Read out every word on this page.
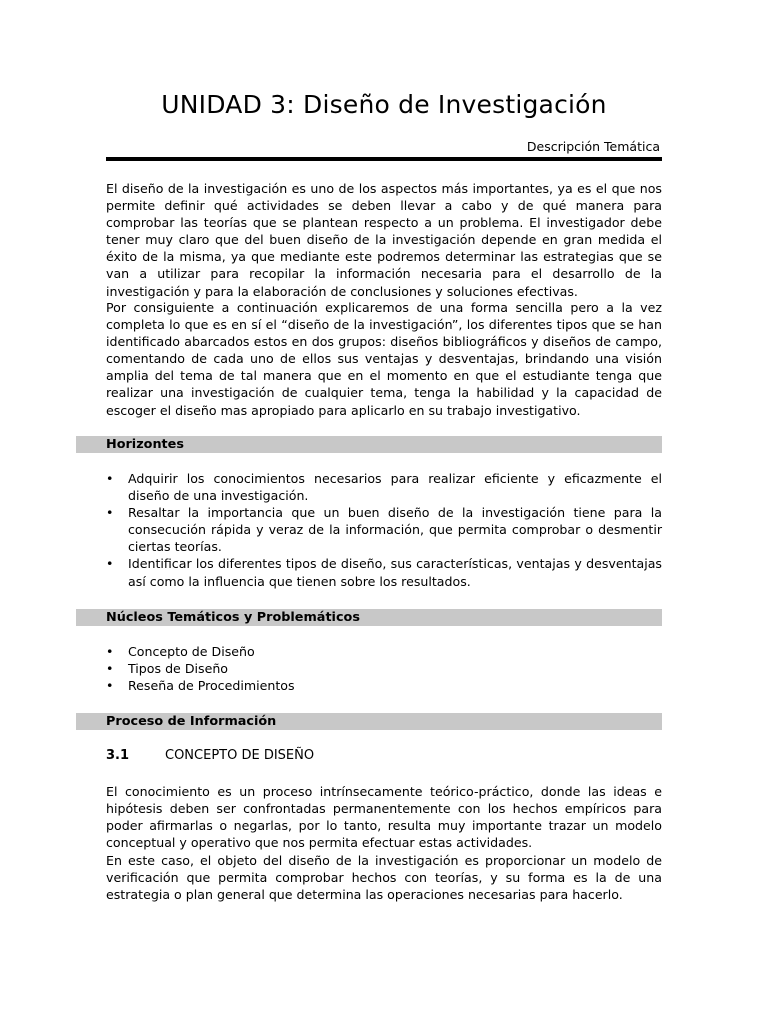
UNIDAD 3: Diseño de Investigación

Descripción Temática

El diseño de la investigación es uno de los aspectos más importantes, ya es el que nos permite definir qué actividades se deben llevar a cabo y de qué manera para comprobar las teorías que se plantean respecto a un problema. El investigador debe tener muy claro que del buen diseño de la investigación depende en gran medida el éxito de la misma, ya que mediante este podremos determinar las estrategias que se van a utilizar para recopilar la información necesaria para el desarrollo de la investigación y para la elaboración de conclusiones y soluciones efectivas.

Por consiguiente a continuación explicaremos de una forma sencilla pero a la vez completa lo que es en sí el “diseño de la investigación”, los diferentes tipos que se han identificado abarcados estos en dos grupos: diseños bibliográficos y diseños de campo, comentando de cada uno de ellos sus ventajas y desventajas, brindando una visión amplia del tema de tal manera que en el momento en que el estudiante tenga que realizar una investigación de cualquier tema, tenga la habilidad y la capacidad de escoger el diseño mas apropiado para aplicarlo en su trabajo investigativo.

Horizontes
• Adquirir los conocimientos necesarios para realizar eficiente y eficazmente el diseño de una investigación.
• Resaltar la importancia que un buen diseño de la investigación tiene para la consecución rápida y veraz de la información, que permita comprobar o desmentir ciertas teorías.
• Identificar los diferentes tipos de diseño, sus características, ventajas y desventajas así como la influencia que tienen sobre los resultados.
Núcleos Temáticos y Problemáticos
• Concepto de Diseño
• Tipos de Diseño
• Reseña de Procedimientos
Proceso de Información

3.1	CONCEPTO DE DISEÑO

El conocimiento es un proceso intrínsecamente teórico-práctico, donde las ideas e hipótesis deben ser confrontadas permanentemente con los hechos empíricos para poder afirmarlas o negarlas, por lo tanto, resulta muy importante trazar un modelo conceptual y operativo que nos permita efectuar estas actividades.

En este caso, el objeto del diseño de la investigación es proporcionar un modelo de verificación que permita comprobar hechos con teorías, y su forma es la de una estrategia o plan general que determina las operaciones necesarias para hacerlo.
